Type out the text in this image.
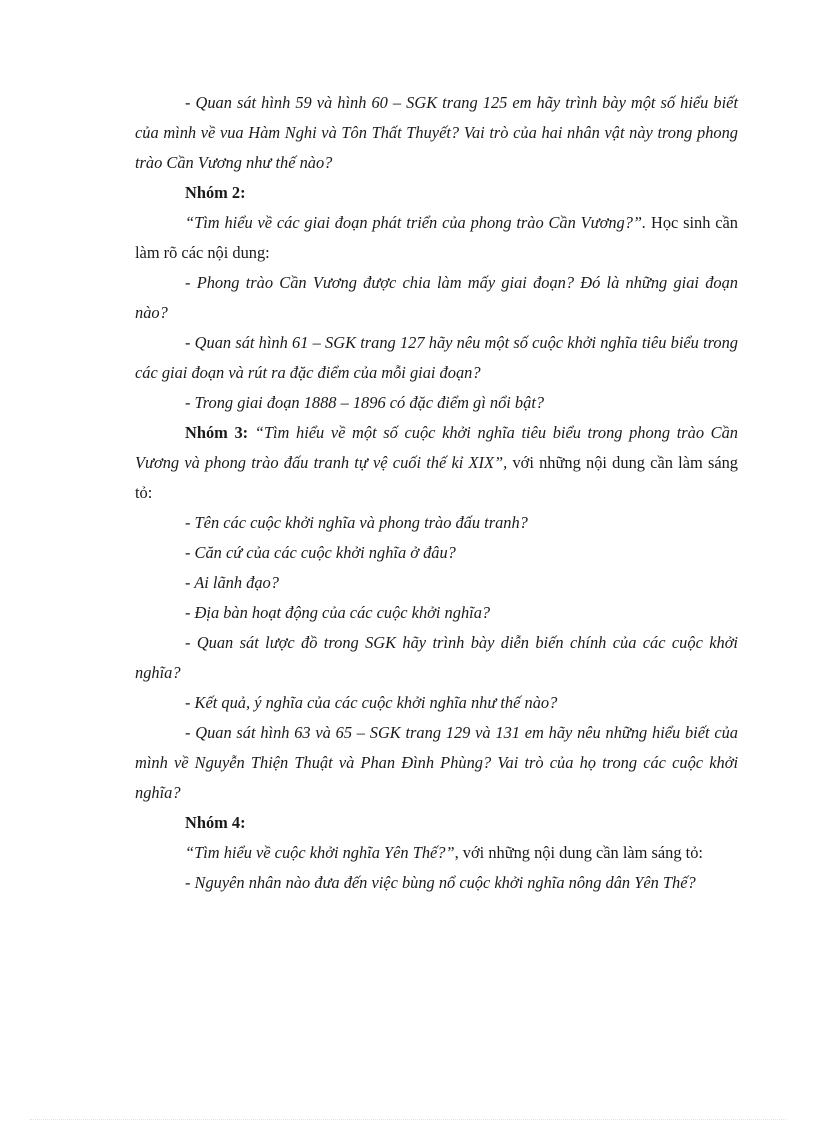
- Quan sát hình 59 và hình 60 – SGK trang 125 em hãy trình bày một số hiểu biết của mình về vua Hàm Nghi và Tôn Thất Thuyết? Vai trò của hai nhân vật này trong phong trào Cần Vương như thế nào?

Nhóm 2:

“Tìm hiểu về các giai đoạn phát triển của phong trào Cần Vương?”. Học sinh cần làm rõ các nội dung:

- Phong trào Cần Vương được chia làm mấy giai đoạn? Đó là những giai đoạn nào?

- Quan sát hình 61 – SGK trang 127 hãy nêu một số cuộc khởi nghĩa tiêu biểu trong các giai đoạn và rút ra đặc điểm của mỗi giai đoạn?

- Trong giai đoạn 1888 – 1896 có đặc điểm gì nổi bật?

Nhóm 3: “Tìm hiểu về một số cuộc khởi nghĩa tiêu biểu trong phong trào Cần Vương và phong trào đấu tranh tự vệ cuối thế kỉ XIX”, với những nội dung cần làm sáng tỏ:

- Tên các cuộc khởi nghĩa và phong trào đấu tranh?

- Căn cứ của các cuộc khởi nghĩa ở đâu?

- Ai lãnh đạo?

- Địa bàn hoạt động của các cuộc khởi nghĩa?

- Quan sát lược đồ trong SGK hãy trình bày diễn biến chính của các cuộc khởi nghĩa?

- Kết quả, ý nghĩa của các cuộc khởi nghĩa như thế nào?

- Quan sát hình 63 và 65 – SGK trang 129 và 131 em hãy nêu những hiểu biết của mình về Nguyễn Thiện Thuật và Phan Đình Phùng? Vai trò của họ trong các cuộc khởi nghĩa?

Nhóm 4:

“Tìm hiểu về cuộc khởi nghĩa Yên Thế?”, với những nội dung cần làm sáng tỏ:

- Nguyên nhân nào đưa đến việc bùng nổ cuộc khởi nghĩa nông dân Yên Thế?
